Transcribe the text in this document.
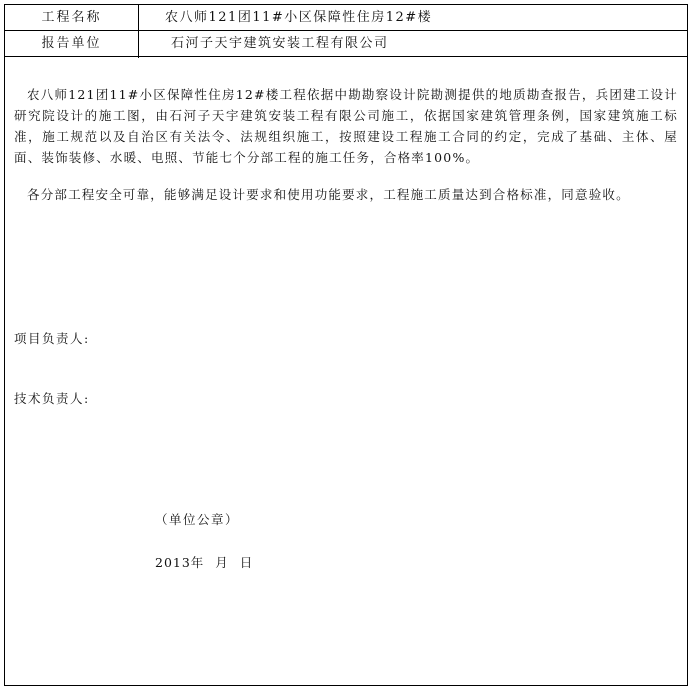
工程名称	农八师121团11#小区保障性住房12#楼
报告单位	石河子天宇建筑安装工程有限公司
农八师121团11#小区保障性住房12#楼工程依据中勘勘察设计院勘测提供的地质勘查报告，兵团建工设计研究院设计的施工图，由石河子天宇建筑安装工程有限公司施工，依据国家建筑管理条例，国家建筑施工标准，施工规范以及自治区有关法令、法规组织施工，按照建设工程施工合同的约定，完成了基础、主体、屋面、装饰装修、水暖、电照、节能七个分部工程的施工任务，合格率100%。
各分部工程安全可靠，能够满足设计要求和使用功能要求，工程施工质量达到合格标准，同意验收。
项目负责人:
技术负责人:
（单位公章）
2013年 月 日
